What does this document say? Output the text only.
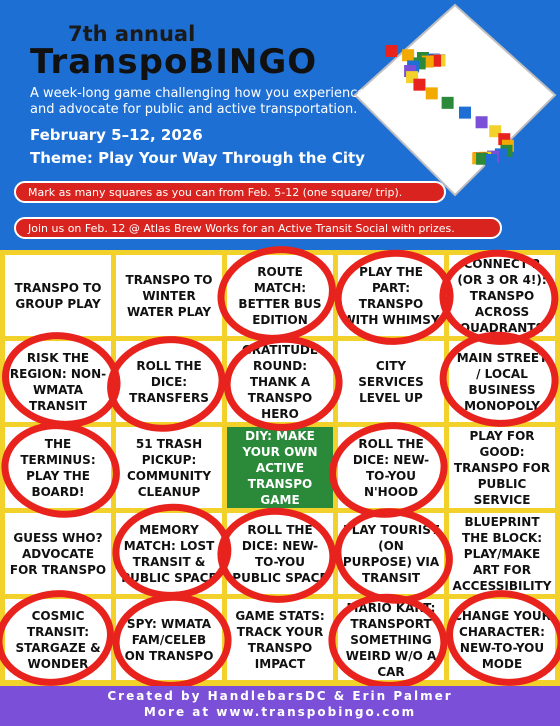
7th annual
TranspoBINGO
A week-long game challenging how you experience and advocate for public and active transportation.
February 5–12, 2026
Theme: Play Your Way Through the City
Mark as many squares as you can from Feb. 5-12 (one square/ trip).
Join us on Feb. 12 @ Atlas Brew Works for an Active Transit Social with prizes.
TRANSPO TO GROUP PLAY
TRANSPO TO WINTER WATER PLAY
ROUTE MATCH: BETTER BUS EDITION
PLAY THE PART: TRANSPO WITH WHIMSY
CONNECT 2 (OR 3 OR 4!): TRANSPO ACROSS QUADRANTS
RISK THE REGION: NON-WMATA TRANSIT
ROLL THE DICE: TRANSFERS
GRATITUDE ROUND: THANK A TRANSPO HERO
CITY SERVICES LEVEL UP
MAIN STREET / LOCAL BUSINESS MONOPOLY
THE TERMINUS: PLAY THE BOARD!
51 TRASH PICKUP: COMMUNITY CLEANUP
DIY: MAKE YOUR OWN ACTIVE TRANSPO GAME
ROLL THE DICE: NEW-TO-YOU N'HOOD
PLAY FOR GOOD: TRANSPO FOR PUBLIC SERVICE
GUESS WHO? ADVOCATE FOR TRANSPO
MEMORY MATCH: LOST TRANSIT & PUBLIC SPACE
ROLL THE DICE: NEW-TO-YOU PUBLIC SPACE
PLAY TOURIST (ON PURPOSE) VIA TRANSIT
BLUEPRINT THE BLOCK: PLAY/MAKE ART FOR ACCESSIBILITY
COSMIC TRANSIT: STARGAZE & WONDER
SPY: WMATA FAM/CELEB ON TRANSPO
GAME STATS: TRACK YOUR TRANSPO IMPACT
MARIO KART: TRANSPORT SOMETHING WEIRD W/O A CAR
CHANGE YOUR CHARACTER: NEW-TO-YOU MODE
Created by HandlebarsDC & Erin Palmer
More at www.transpobingo.com
